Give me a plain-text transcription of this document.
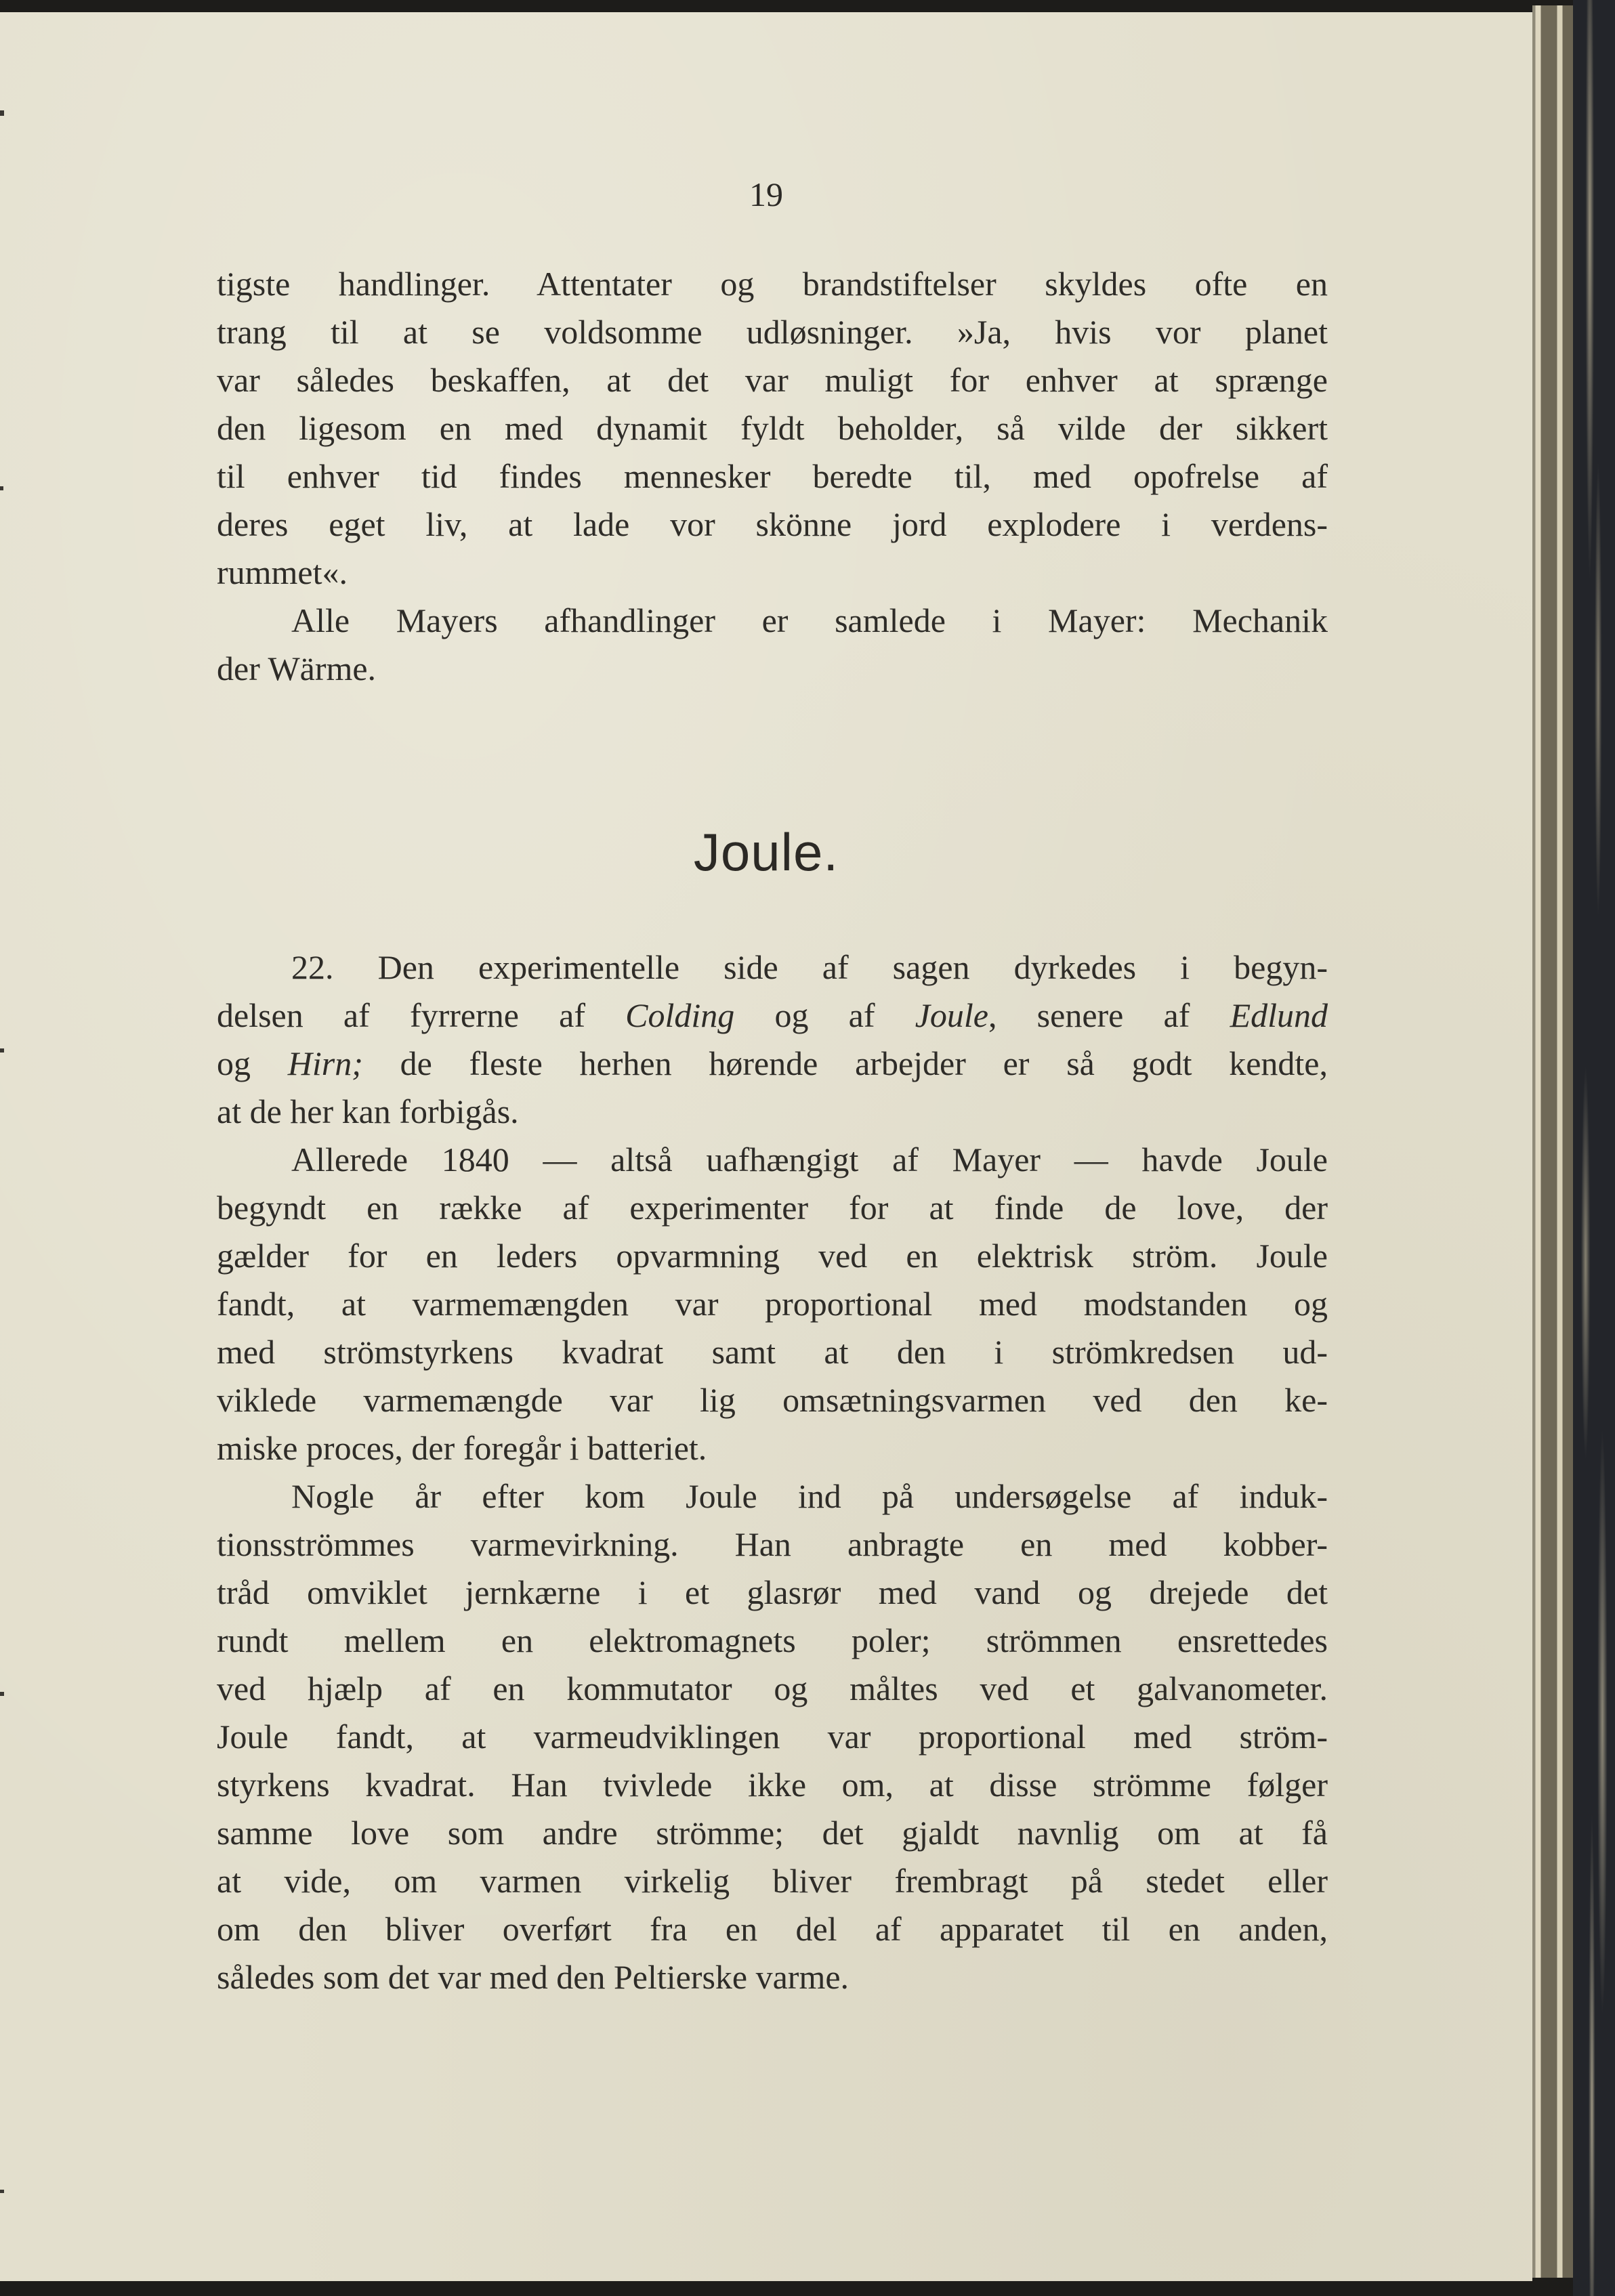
19
tigste handlinger. Attentater og brandstiftelser skyldes ofte en
trang til at se voldsomme udløsninger. »Ja, hvis vor planet
var således beskaffen, at det var muligt for enhver at sprænge
den ligesom en med dynamit fyldt beholder, så vilde der sikkert
til enhver tid findes mennesker beredte til, med opofrelse af
deres eget liv, at lade vor skönne jord explodere i verdens-
rummet«.
Alle Mayers afhandlinger er samlede i Mayer: Mechanik
der Wärme.
Joule.
22. Den experimentelle side af sagen dyrkedes i begyn-
delsen af fyrrerne af Colding og af Joule, senere af Edlund
og Hirn; de fleste herhen hørende arbejder er så godt kendte,
at de her kan forbigås.
Allerede 1840 — altså uafhængigt af Mayer — havde Joule
begyndt en række af experimenter for at finde de love, der
gælder for en leders opvarmning ved en elektrisk ström. Joule
fandt, at varmemængden var proportional med modstanden og
med strömstyrkens kvadrat samt at den i strömkredsen ud-
viklede varmemængde var lig omsætningsvarmen ved den ke-
miske proces, der foregår i batteriet.
Nogle år efter kom Joule ind på undersøgelse af induk-
tionsströmmes varmevirkning. Han anbragte en med kobber-
tråd omviklet jernkærne i et glasrør med vand og drejede det
rundt mellem en elektromagnets poler; strömmen ensrettedes
ved hjælp af en kommutator og måltes ved et galvanometer.
Joule fandt, at varmeudviklingen var proportional med ström-
styrkens kvadrat. Han tvivlede ikke om, at disse strömme følger
samme love som andre strömme; det gjaldt navnlig om at få
at vide, om varmen virkelig bliver frembragt på stedet eller
om den bliver overført fra en del af apparatet til en anden,
således som det var med den Peltierske varme.
